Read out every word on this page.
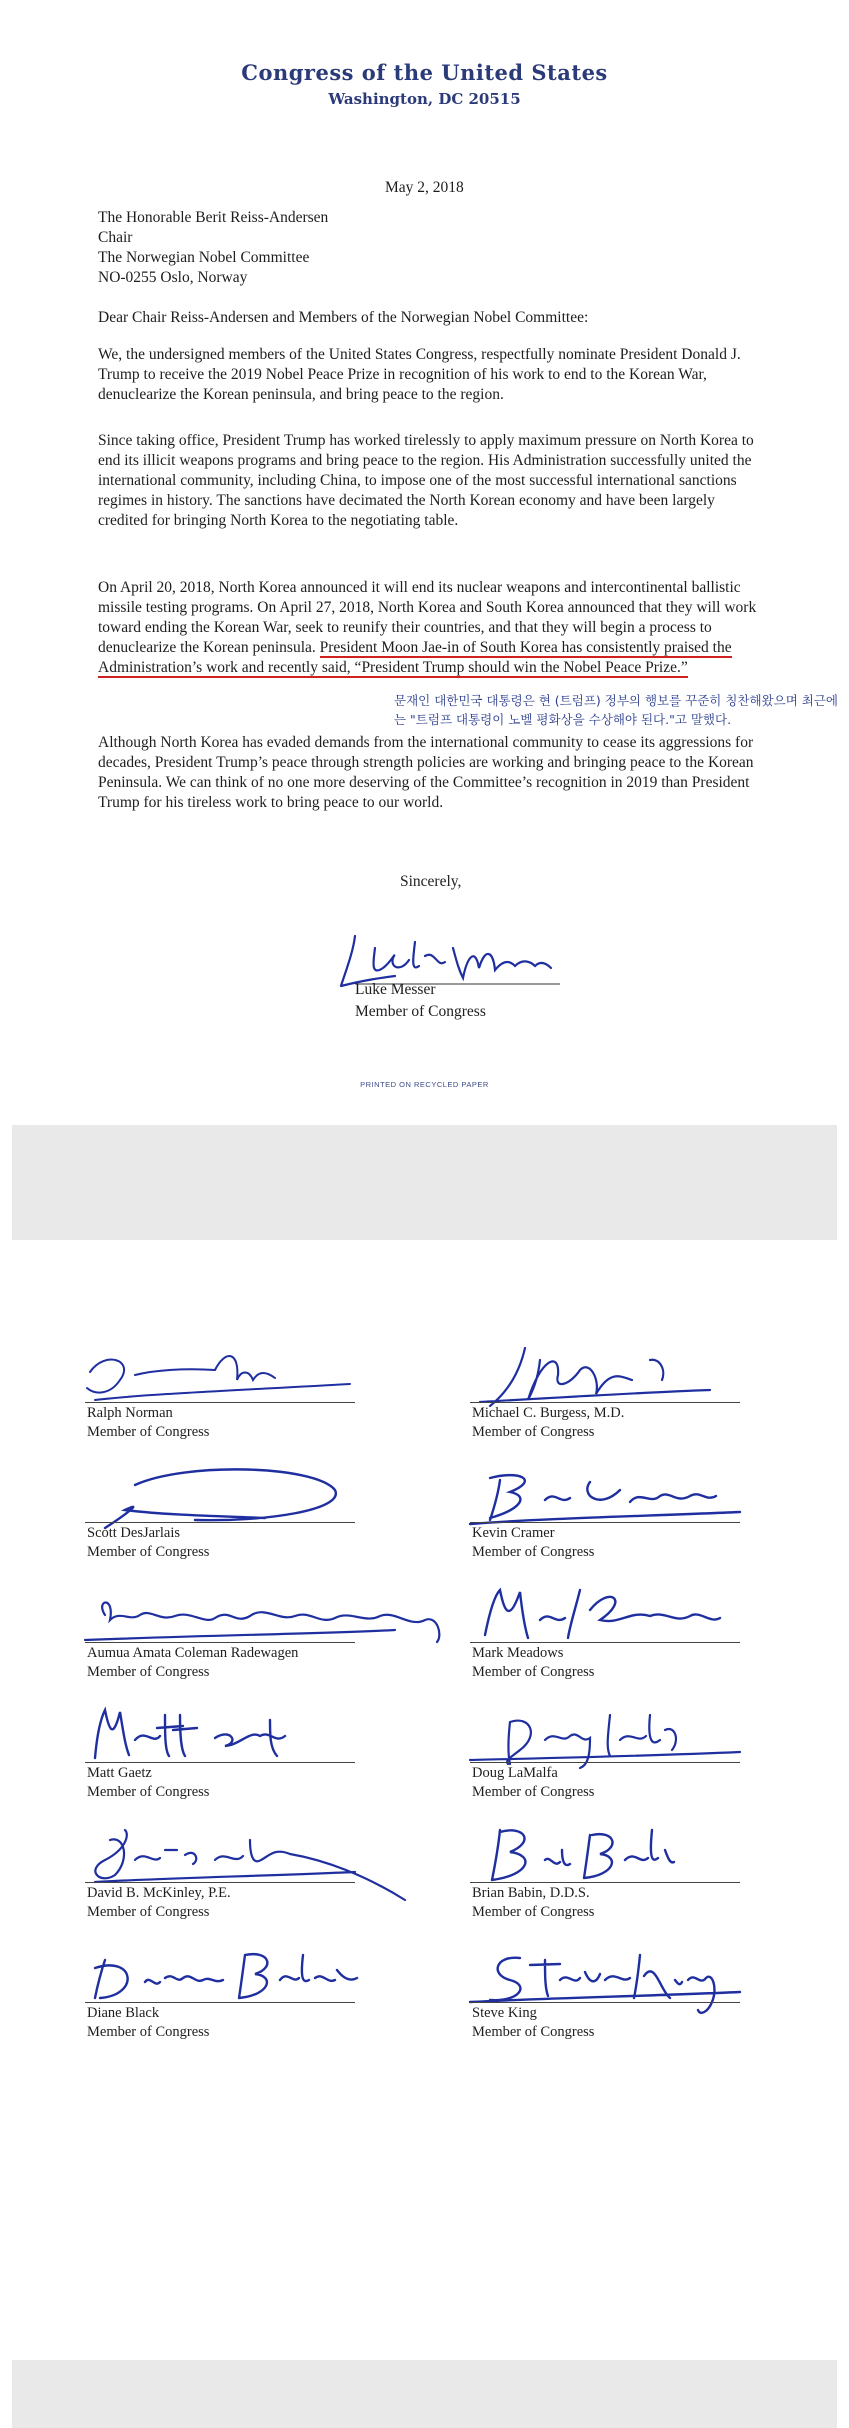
Congress of the United States
Washington, DC 20515
May 2, 2018
The Honorable Berit Reiss-Andersen
Chair
The Norwegian Nobel Committee
NO-0255 Oslo, Norway
Dear Chair Reiss-Andersen and Members of the Norwegian Nobel Committee:
We, the undersigned members of the United States Congress, respectfully nominate President Donald J. Trump to receive the 2019 Nobel Peace Prize in recognition of his work to end to the Korean War, denuclearize the Korean peninsula, and bring peace to the region.
Since taking office, President Trump has worked tirelessly to apply maximum pressure on North Korea to end its illicit weapons programs and bring peace to the region. His Administration successfully united the international community, including China, to impose one of the most successful international sanctions regimes in history. The sanctions have decimated the North Korean economy and have been largely credited for bringing North Korea to the negotiating table.
On April 20, 2018, North Korea announced it will end its nuclear weapons and intercontinental ballistic missile testing programs. On April 27, 2018, North Korea and South Korea announced that they will work toward ending the Korean War, seek to reunify their countries, and that they will begin a process to denuclearize the Korean peninsula. President Moon Jae-in of South Korea has consistently praised the Administration’s work and recently said, “President Trump should win the Nobel Peace Prize.”
문재인 대한민국 대통령은 현 (트럼프) 정부의 행보를 꾸준히 칭찬해왔으며 최근에는 "트럼프 대통령이 노벨 평화상을 수상해야 된다."고 말했다.
Although North Korea has evaded demands from the international community to cease its aggressions for decades, President Trump’s peace through strength policies are working and bringing peace to the Korean Peninsula. We can think of no one more deserving of the Committee’s recognition in 2019 than President Trump for his tireless work to bring peace to our world.
Sincerely,
Luke Messer
Member of Congress
PRINTED ON RECYCLED PAPER
Ralph Norman
Member of Congress
Michael C. Burgess, M.D.
Member of Congress
Scott DesJarlais
Member of Congress
Kevin Cramer
Member of Congress
Aumua Amata Coleman Radewagen
Member of Congress
Mark Meadows
Member of Congress
Matt Gaetz
Member of Congress
Doug LaMalfa
Member of Congress
David B. McKinley, P.E.
Member of Congress
Brian Babin, D.D.S.
Member of Congress
Diane Black
Member of Congress
Steve King
Member of Congress
